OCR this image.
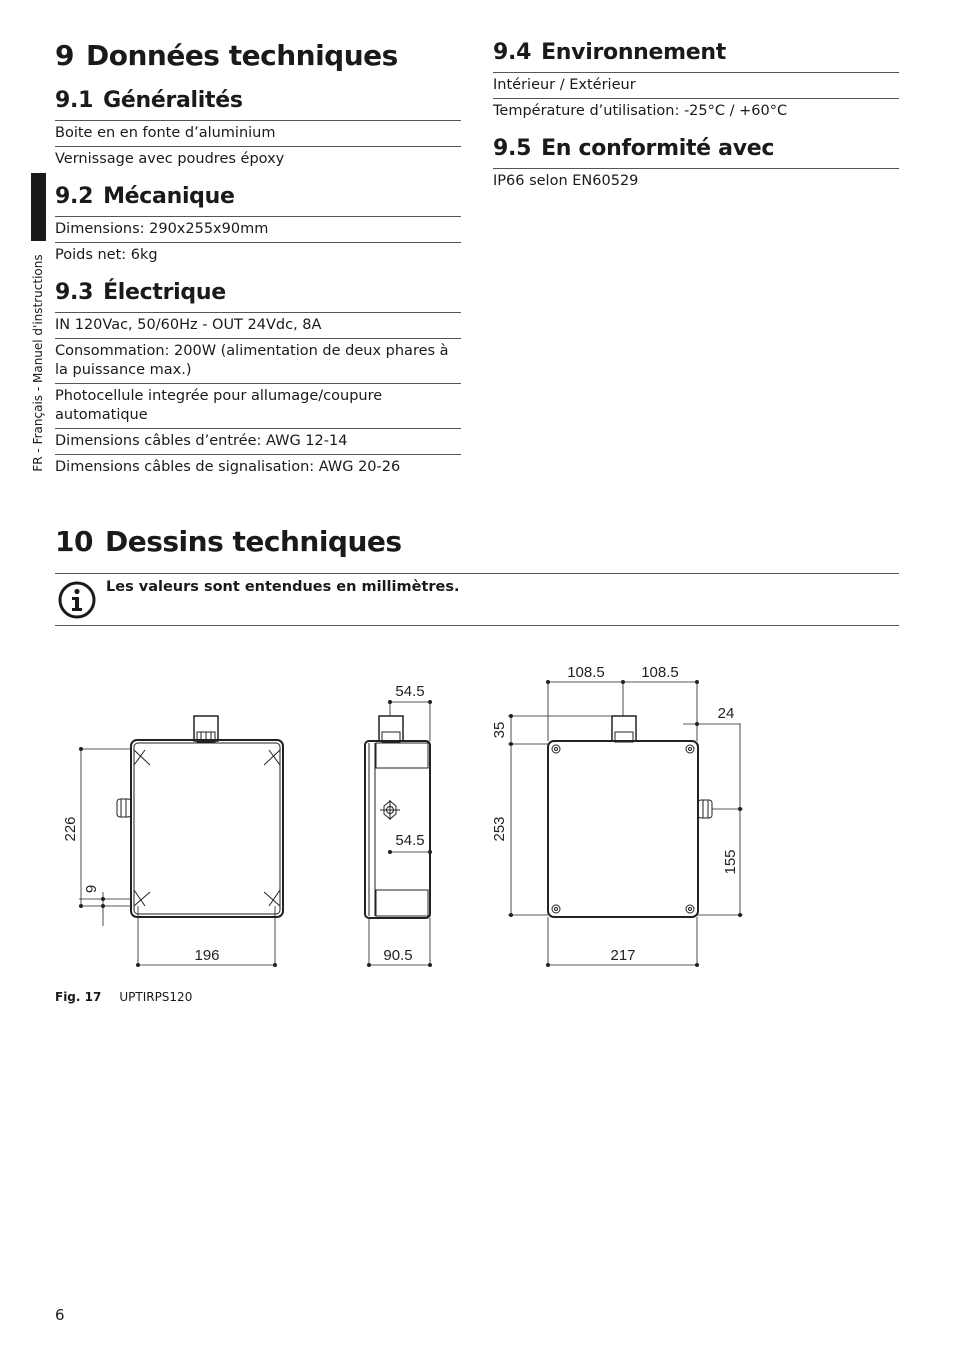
FR - Français - Manuel d'instructions
9 Données techniques
9.1 Généralités
Boite en en fonte d’aluminium
Vernissage avec poudres époxy
9.2 Mécanique
Dimensions: 290x255x90mm
Poids net: 6kg
9.3 Électrique
IN 120Vac, 50/60Hz - OUT 24Vdc, 8A
Consommation: 200W (alimentation de deux phares à la puissance max.)
Photocellule integrée pour allumage/coupure automatique
Dimensions câbles d’entrée: AWG 12-14
Dimensions câbles de signalisation: AWG 20-26
9.4 Environnement
Intérieur / Extérieur
Température d’utilisation: -25°C / +60°C
9.5 En conformité avec
IP66 selon EN60529
10 Dessins techniques
Les valeurs sont entendues en millimètres.
226
9
196
54.5
54.5
90.5
108.5 108.5
35
24
253
155
217
Fig. 17 UPTIRPS120
6
